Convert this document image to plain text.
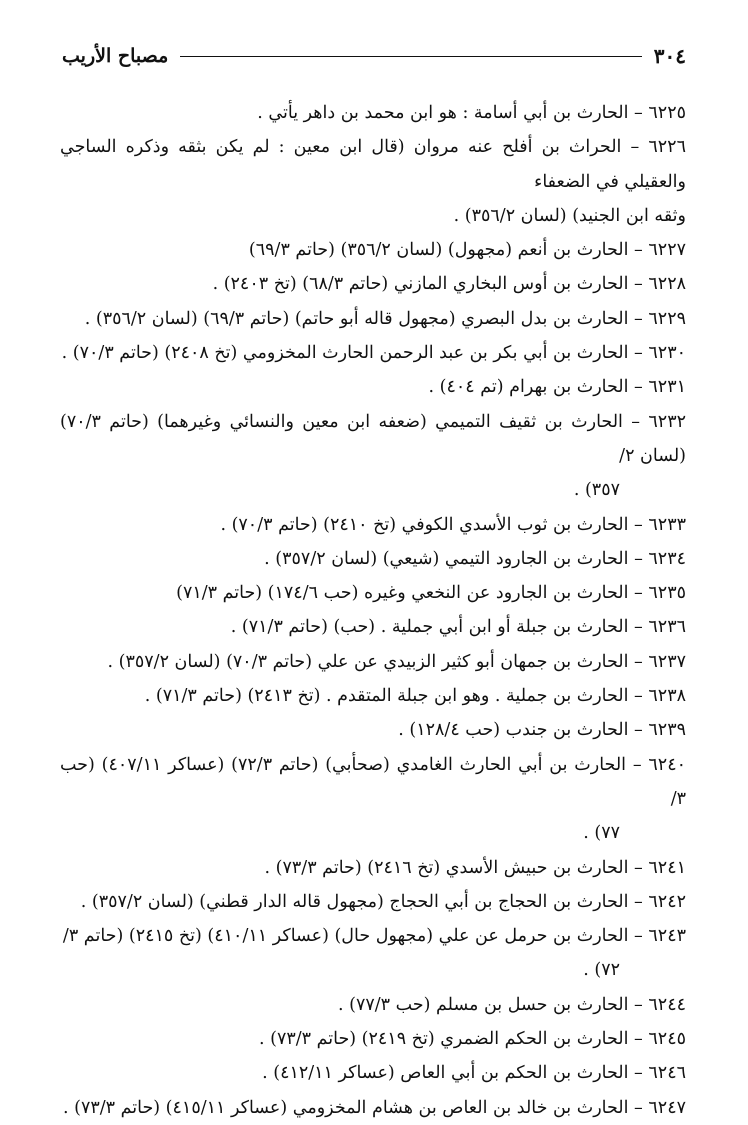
٣٠٤
مصباح الأريب
٦٢٢٥ – الحارث بن أبي أسامة : هو ابن محمد بن داهر يأتي .
٦٢٢٦ – الحراث بن أفلح عنه مروان (قال ابن معين : لم يكن بثقه وذكره الساجي والعقيلي في الضعفاء
وثقه ابن الجنيد) (لسان ٣٥٦/٢) .
٦٢٢٧ – الحارث بن أنعم (مجهول) (لسان ٣٥٦/٢) (حاتم ٦٩/٣)
٦٢٢٨ – الحارث بن أوس البخاري المازني (حاتم ٦٨/٣) (تخ ٢٤٠٣) .
٦٢٢٩ – الحارث بن بدل البصري (مجهول قاله أبو حاتم) (حاتم ٦٩/٣) (لسان ٣٥٦/٢) .
٦٢٣٠ – الحارث بن أبي بكر بن عبد الرحمن الحارث المخزومي (تخ ٢٤٠٨) (حاتم ٧٠/٣) .
٦٢٣١ – الحارث بن بهرام (تم ٤٠٤) .
٦٢٣٢ – الحارث بن ثقيف التميمي (ضعفه ابن معين والنسائي وغيرهما) (حاتم ٧٠/٣) (لسان ٢/
٣٥٧) .
٦٢٣٣ – الحارث بن ثوب الأسدي الكوفي (تخ ٢٤١٠) (حاتم ٧٠/٣) .
٦٢٣٤ – الحارث بن الجارود التيمي (شيعي) (لسان ٣٥٧/٢) .
٦٢٣٥ – الحارث بن الجارود عن النخعي وغيره (حب ١٧٤/٦) (حاتم ٧١/٣)
٦٢٣٦ – الحارث بن جبلة أو ابن أبي جملية . (حب) (حاتم ٧١/٣) .
٦٢٣٧ – الحارث بن جمهان أبو كثير الزبيدي عن علي (حاتم ٧٠/٣) (لسان ٣٥٧/٢) .
٦٢٣٨ – الحارث بن جملية . وهو ابن جبلة المتقدم . (تخ ٢٤١٣) (حاتم ٧١/٣) .
٦٢٣٩ – الحارث بن جندب (حب ١٢٨/٤) .
٦٢٤٠ – الحارث بن أبي الحارث الغامدي (صحأبي) (حاتم ٧٢/٣) (عساكر ٤٠٧/١١) (حب ٣/
٧٧) .
٦٢٤١ – الحارث بن حبيش الأسدي (تخ ٢٤١٦) (حاتم ٧٣/٣) .
٦٢٤٢ – الحارث بن الحجاج بن أبي الحجاج (مجهول قاله الدار قطني) (لسان ٣٥٧/٢) .
٦٢٤٣ – الحارث بن حرمل عن علي (مجهول حال) (عساكر ٤١٠/١١) (تخ ٢٤١٥) (حاتم ٣/
٧٢) .
٦٢٤٤ – الحارث بن حسل بن مسلم (حب ٧٧/٣) .
٦٢٤٥ – الحارث بن الحكم الضمري (تخ ٢٤١٩) (حاتم ٧٣/٣) .
٦٢٤٦ – الحارث بن الحكم بن أبي العاص (عساكر ٤١٢/١١) .
٦٢٤٧ – الحارث بن خالد بن العاص بن هشام المخزومي (عساكر ٤١٥/١١) (حاتم ٧٣/٣) .
